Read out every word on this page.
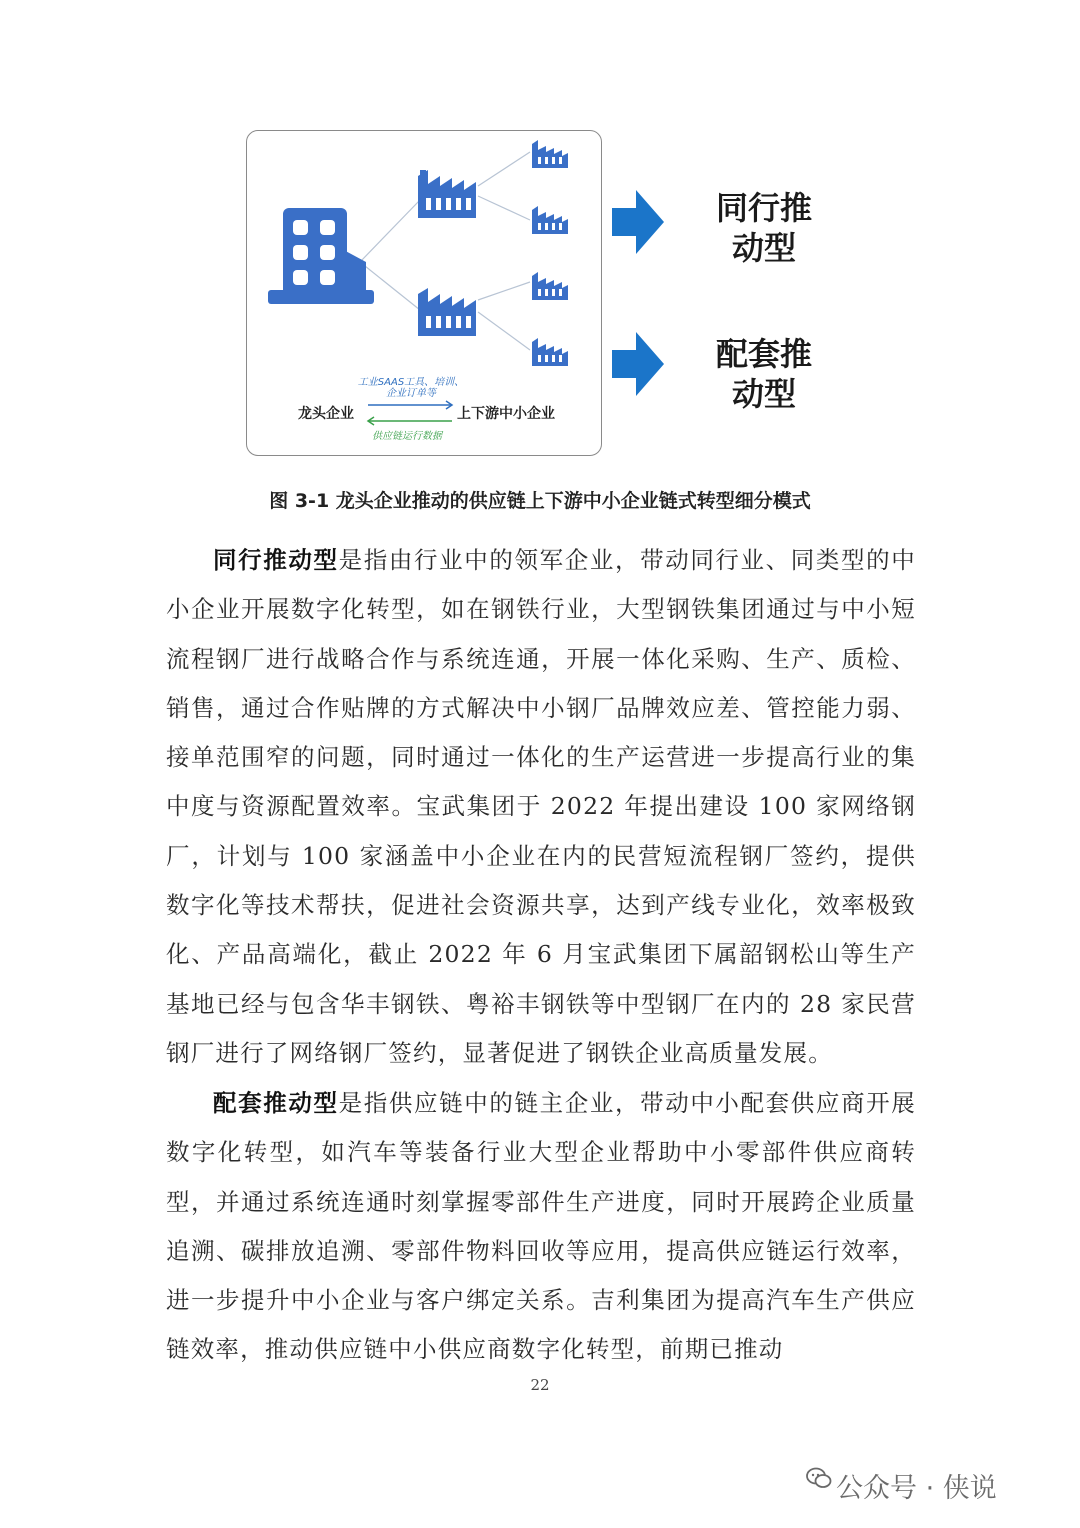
工业SAAS工具、培训、企业订单等
龙头企业	上下游中小企业
供应链运行数据
同行推动型
配套推动型
图 3-1 龙头企业推动的供应链上下游中小企业链式转型细分模式

同行推动型是指由行业中的领军企业，带动同行业、同类型的中小企业开展数字化转型，如在钢铁行业，大型钢铁集团通过与中小短流程钢厂进行战略合作与系统连通，开展一体化采购、生产、质检、销售，通过合作贴牌的方式解决中小钢厂品牌效应差、管控能力弱、接单范围窄的问题，同时通过一体化的生产运营进一步提高行业的集中度与资源配置效率。宝武集团于 2022 年提出建设 100 家网络钢厂，计划与 100 家涵盖中小企业在内的民营短流程钢厂签约，提供数字化等技术帮扶，促进社会资源共享，达到产线专业化，效率极致化、产品高端化，截止 2022 年 6 月宝武集团下属韶钢松山等生产基地已经与包含华丰钢铁、粤裕丰钢铁等中型钢厂在内的 28 家民营钢厂进行了网络钢厂签约，显著促进了钢铁企业高质量发展。

配套推动型是指供应链中的链主企业，带动中小配套供应商开展数字化转型，如汽车等装备行业大型企业帮助中小零部件供应商转型，并通过系统连通时刻掌握零部件生产进度，同时开展跨企业质量追溯、碳排放追溯、零部件物料回收等应用，提高供应链运行效率，进一步提升中小企业与客户绑定关系。吉利集团为提高汽车生产供应链效率，推动供应链中小供应商数字化转型，前期已推动

22
公众号 · 侠说
